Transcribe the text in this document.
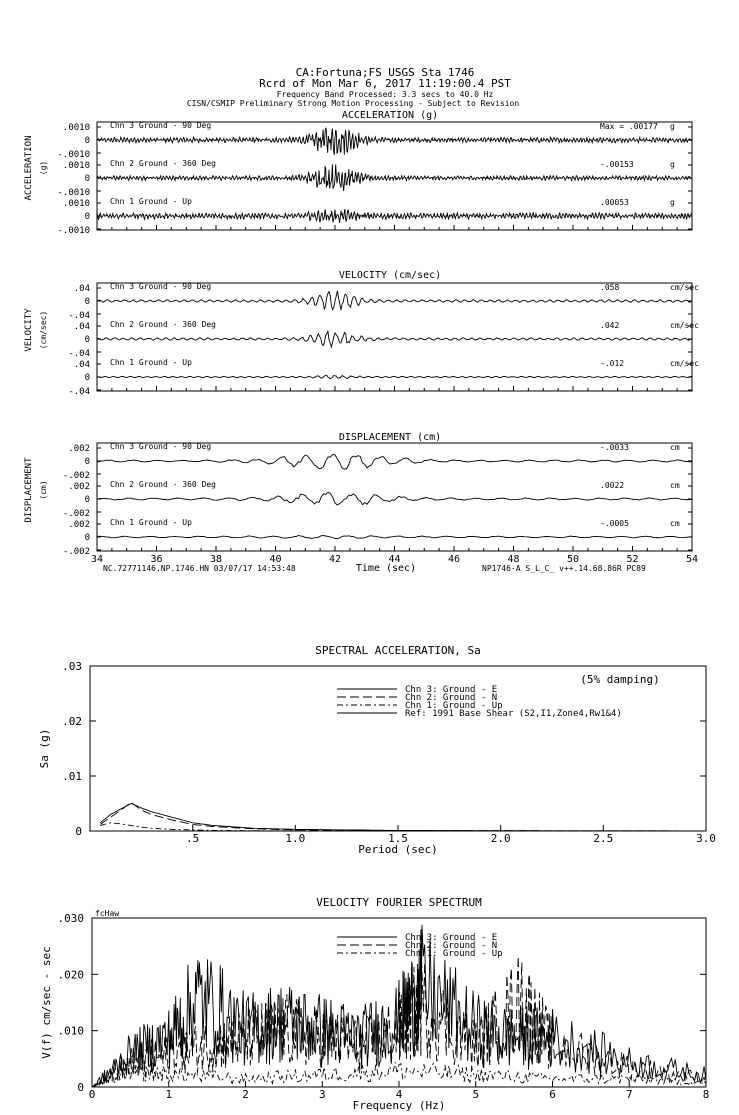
CA:Fortuna;FS USGS Sta 1746
Rcrd of Mon Mar 6, 2017 11:19:00.4 PST
Frequency Band Processed: 3.3 secs to 40.0 Hz
CISN/CSMIP Preliminary Strong Motion Processing - Subject to Revision
ACCELERATION (g)
ACCELERATION (g)
.0010
0
-.0010
Chn 3 Ground - 90 Deg	Max = .00177 g
.0010
0
-.0010
Chn 2 Ground - 360 Deg	-.00153	g
.0010
0
-.0010
Chn 1 Ground - Up	.00053	g
VELOCITY (cm/sec)
VELOCITY (cm/sec)
.04
0
-.04
Chn 3 Ground - 90 Deg	.058	cm/sec
.04
0
-.04
Chn 2 Ground - 360 Deg	.042	cm/sec
.04
0
-.04
Chn 1 Ground - Up	-.012	cm/sec
DISPLACEMENT (cm)
DISPLACEMENT (cm)
.002
0
-.002
Chn 3 Ground - 90 Deg	-.0033	cm
.002
0
-.002
Chn 2 Ground - 360 Deg	.0022	cm
.002
0
-.002
Chn 1 Ground - Up	-.0005	cm
34	36	38	40	42	44	46	48	50	52	54
Time (sec)
NC.72771146.NP.1746.HN 03/07/17 14:53:48	NP1746-A S_L_C_ v++.14.68.86R PC89
SPECTRAL ACCELERATION, Sa
Period (sec)
Sa (g)
0
.01
.02
.03
.5	1.0	1.5	2.0	2.5	3.0
Chn 3: Ground - E
Chn 2: Ground - N
Chn 1: Ground - Up
Ref: 1991 Base Shear (S2,I1,Zone4,Rw1&4)
(5% damping)
VELOCITY FOURIER SPECTRUM
Frequency (Hz)
V(f) cm/sec - sec
0
.010
.020
.030
0	1	2	3	4	5	6	7	8
Chn 3: Ground - E
Chn 2: Ground - N
Chn 1: Ground - Up
fcHaw
